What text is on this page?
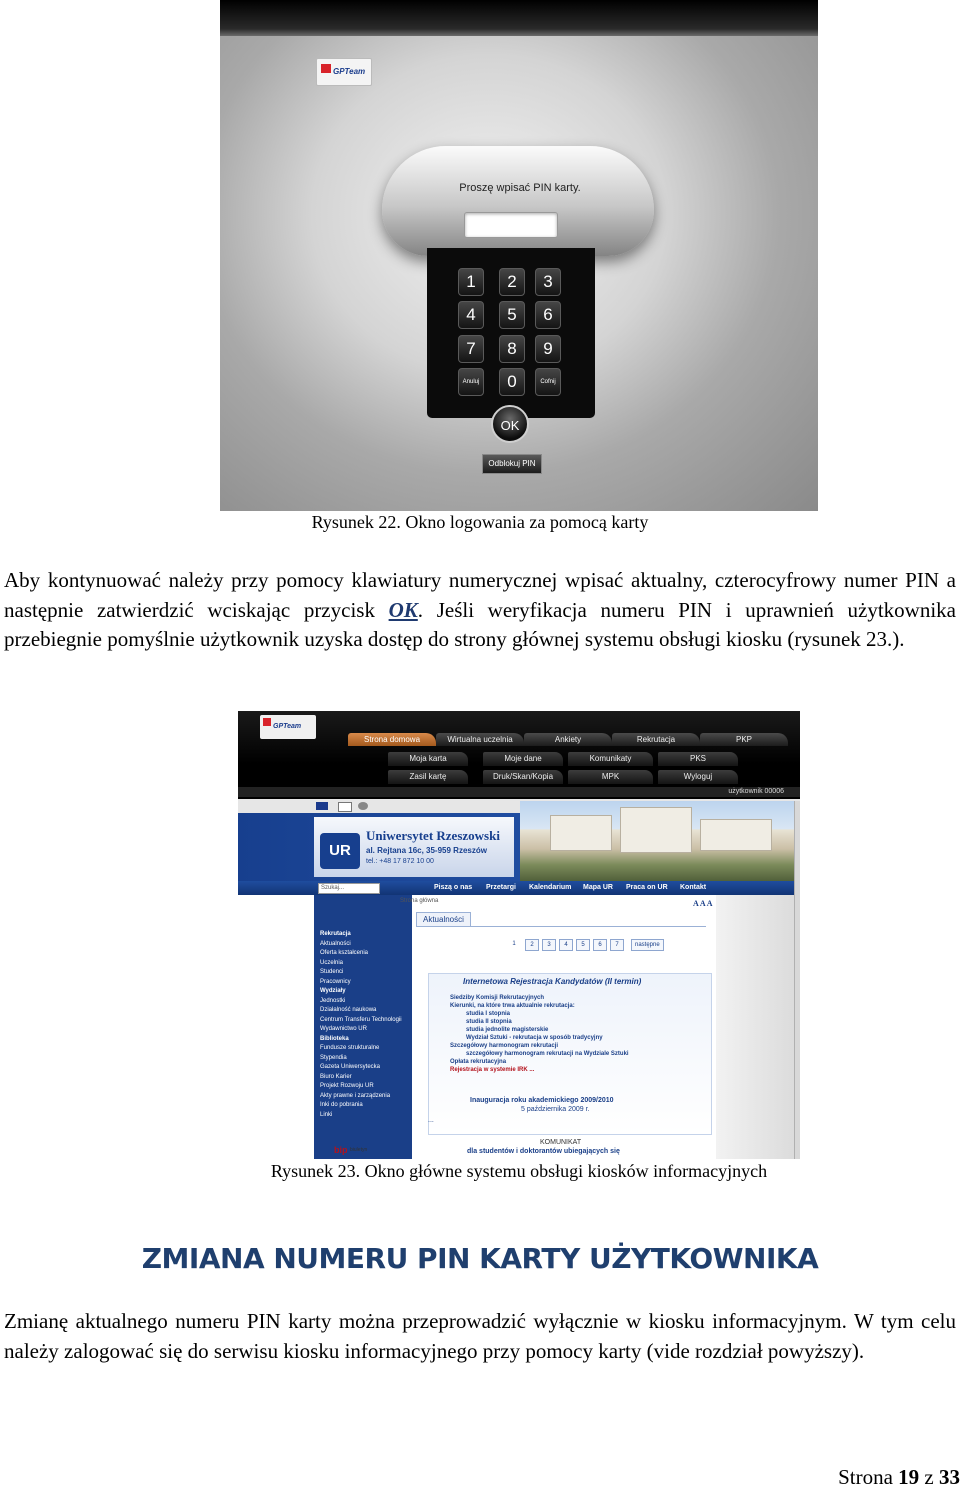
GPTeam
Proszę wpisać PIN karty.
1	2	3
4	5	6
7	8	9
Anuluj	0	Cofnij
OK
Odblokuj PIN
Rysunek 22. Okno logowania za pomocą karty
Aby kontynuować należy przy pomocy klawiatury numerycznej wpisać aktualny, czterocyfrowy numer PIN a następnie zatwierdzić wciskając przycisk OK. Jeśli weryfikacja numeru PIN i uprawnień użytkownika przebiegnie pomyślnie użytkownik uzyska dostęp do strony głównej systemu obsługi kiosku (rysunek 23.).
GPTeam
Strona domowa	Wirtualna uczelnia	Ankiety	Rekrutacja	PKP
Moja karta	Moje dane	Komunikaty	PKS
Zasil kartę	Druk/Skan/Kopia	MPK	Wyloguj
użytkownik 00006
UR
Uniwersytet Rzeszowski
al. Rejtana 16c, 35-959 Rzeszów
tel.: +48 17 872 10 00
Szukaj...	Piszą o nas Przetargi Kalendarium Mapa UR Praca on UR Kontakt
Rekrutacja
Aktualności
Oferta kształcenia
Uczelnia
Studenci
Pracownicy
Wydziały
Jednostki
Działalność naukowa
Centrum Transferu Technologii
Wydawnictwo UR
Biblioteka
Fundusze strukturalne
Stypendia
Gazeta Uniwersytecka
Biuro Karier
Projekt Rozwoju UR
Akty prawne i zarządzenia
Inki do pobrania
Linki
Strona główna	A A A
Aktualności
1	2	3	4	5	6	7	następne
Internetowa Rejestracja Kandydatów (II termin)
Siedziby Komisji Rekrutacyjnych
Kierunki, na które trwa aktualnie rekrutacja:
studia I stopnia
studia II stopnia
studia jednolite magisterskie
Wydział Sztuki - rekrutacja w sposób tradycyjny
Szczegółowy harmonogram rekrutacji
szczegółowy harmonogram rekrutacji na Wydziale Sztuki
Opłata rekrutacyjna
Rejestracja w systemie IRK ...
Inauguracja roku akademickiego 2009/2010
5 października 2009 r.
...
bip biuletyn
KOMUNIKAT
dla studentów i doktorantów ubiegających się
Rysunek 23. Okno główne systemu obsługi kiosków informacyjnych
ZMIANA NUMERU PIN KARTY UŻYTKOWNIKA
Zmianę aktualnego numeru PIN karty można przeprowadzić wyłącznie w kiosku informacyjnym. W tym celu należy zalogować się do serwisu kiosku informacyjnego przy pomocy karty (vide rozdział powyższy).
Strona 19 z 33
